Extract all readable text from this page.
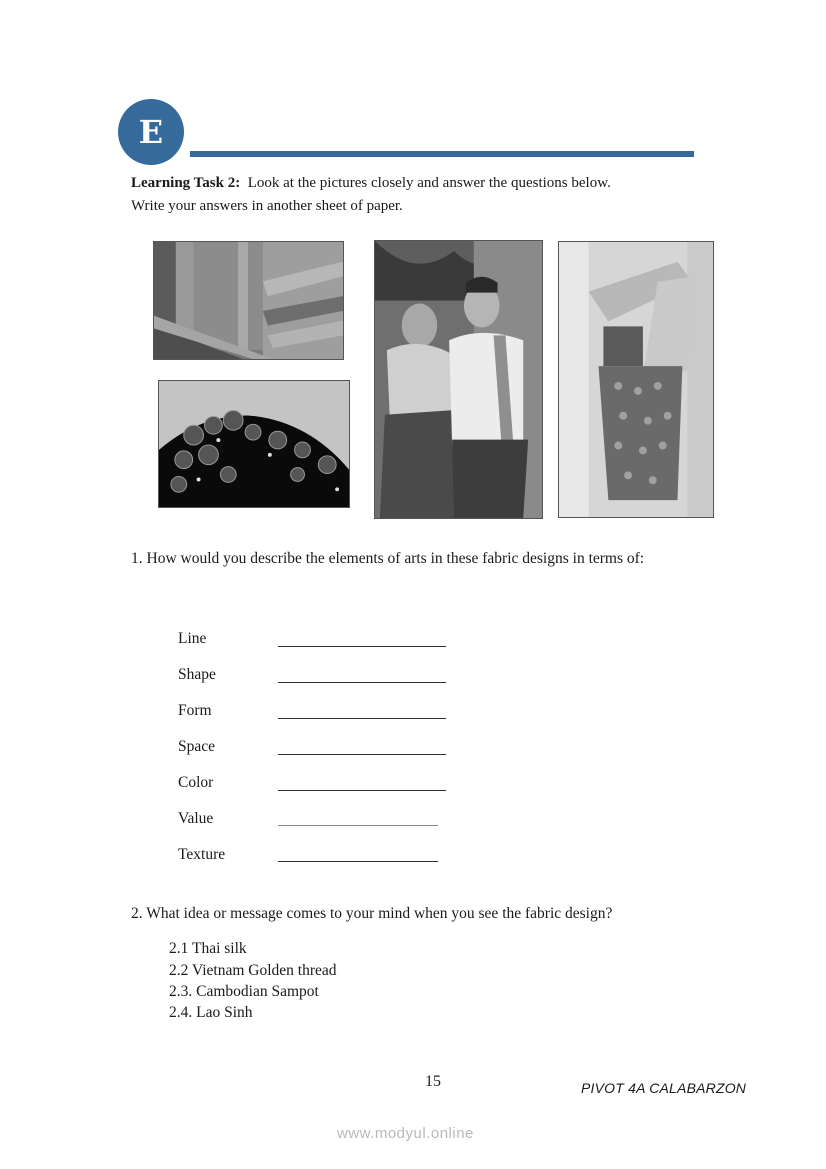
E
Learning Task 2: Look at the pictures closely and answer the questions below.
Write your answers in another sheet of paper.
1. How would you describe the elements of arts in these fabric designs in terms of:
Line
Shape
Form
Space
Color
Value
Texture
2. What idea or message comes to your mind when you see the fabric design?
2.1 Thai silk
2.2 Vietnam Golden thread
2.3. Cambodian Sampot
2.4. Lao Sinh
15	PIVOT 4A CALABARZON
www.modyul.online
